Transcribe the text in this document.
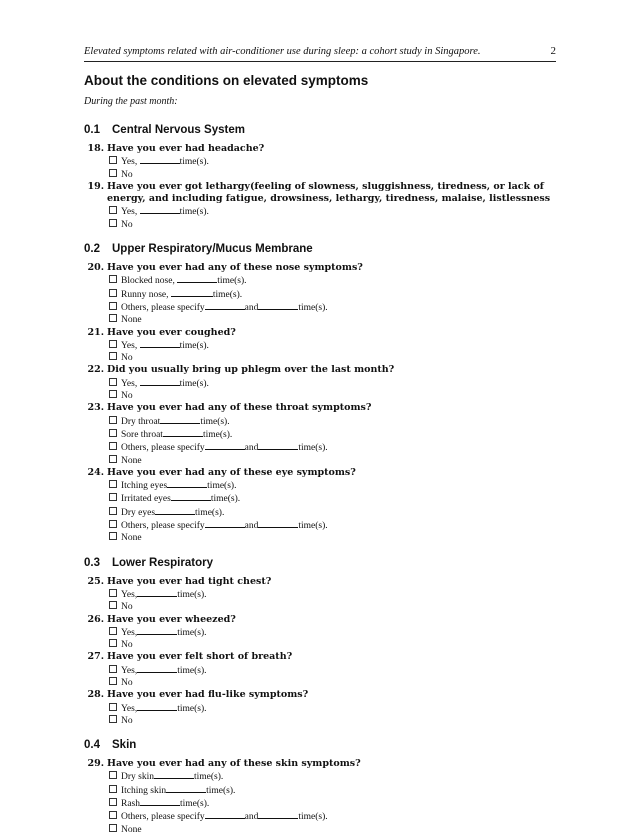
Elevated symptoms related with air-conditioner use during sleep: a cohort study in Singapore.	2
About the conditions on elevated symptoms
During the past month:
0.1 Central Nervous System
18. Have you ever had headache?
Yes,	time(s).
No
19. Have you ever got lethargy(feeling of slowness, sluggishness, tiredness, or lack of energy, and including fatigue, drowsiness, lethargy, tiredness, malaise, listlessness
Yes,	time(s).
No
0.2 Upper Respiratory/Mucus Membrane
20. Have you ever had any of these nose symptoms?
Blocked nose,	time(s).
Runny nose,	time(s).
Others, please specify	and	time(s).
None
21. Have you ever coughed?
Yes,	time(s).
No
22. Did you usually bring up phlegm over the last month?
Yes,	time(s).
No
23. Have you ever had any of these throat symptoms?
Dry throat	time(s).
Sore throat	time(s).
Others, please specify	and	time(s).
None
24. Have you ever had any of these eye symptoms?
Itching eyes	time(s).
Irritated eyes	time(s).
Dry eyes	time(s).
Others, please specify	and	time(s).
None
0.3 Lower Respiratory
25. Have you ever had tight chest?
Yes,	time(s).
No
26. Have you ever wheezed?
Yes,	time(s).
No
27. Have you ever felt short of breath?
Yes,	time(s).
No
28. Have you ever had flu-like symptoms?
Yes,	time(s).
No
0.4 Skin
29. Have you ever had any of these skin symptoms?
Dry skin	time(s).
Itching skin	time(s).
Rash	time(s).
Others, please specify	and	time(s).
None
